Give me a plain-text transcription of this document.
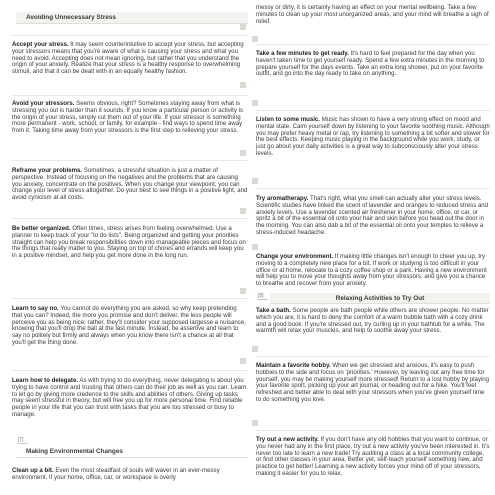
Avoiding Unnecessary Stress

Accept your stress. It may seem counterintuitive to accept your stress, but accepting your stressors means that you're aware of what is causing your stress and what you need to avoid. Accepting does not mean ignoring, but rather that you understand the origin of your anxiety. Realize that your stress is a healthy response to overwhelming stimuli, and that it can be dealt with in an equally healthy fashion.

Avoid your stressors. Seems obvious, right? Sometimes staying away from what is stressing you out is harder than it sounds. If you know a particular person or activity is the origin of your stress, simply cut them out of your life. If your stressor is something more permanent - work, school, or family, for example - find ways to spend time away from it. Taking time away from your stressors is the first step to relieving your stress.

Reframe your problems. Sometimes, a stressful situation is just a matter of perspective. Instead of focusing on the negatives and the problems that are causing you anxiety, concentrate on the positives. When you change your viewpoint, you can change your level of stress altogether. Do your best to see things in a positive light, and avoid cynicism at all costs.

Be better organized. Often times, stress arises from feeling overwhelmed. Use a planner to keep track of your "to do lists". Being organized and getting your priorities straight can help you break responsibilities down into manageable pieces and focus on the things that really matter to you. Staying on top of chores and errands will keep you in a positive mindset, and help you get more done in the long run.

Learn to say no. You cannot do everything you are asked, so why keep pretending that you can? Indeed, the more you promise and don't deliver, the less people will perceive you as being nice; rather, they'll consider your supposed largesse a nuisance, knowing that you'll drop the ball at the last minute. Instead, be assertive and learn to say no politely but firmly and always when you know there isn't a chance at all that you'll get the thing done.

Learn how to delegate. As with trying to do everything, never delegating is about you trying to have control and trusting that others can do their job as well as you can. Learn to let go by giving more credence to the skills and abilities of others. Giving up tasks may seem stressful in theory, but will free you up for more personal time. Find reliable people in your life that you can trust with tasks that you are too stressed or busy to manage.

[7]
Making Environmental Changes

Clean up a bit. Even the most steadfast of souls will waver in an ever-messy environment. If your home, office, car, or workspace is overly

messy or dirty, it is certainly having an effect on your mental wellbeing. Take a few minutes to clean up your most unorganized areas, and your mind will breathe a sigh of relief.

Take a few minutes to get ready. It's hard to feel prepared for the day when you haven't taken time to get yourself ready. Spend a few extra minutes in the morning to prepare yourself for the days events. Take an extra long shower, put on your favorite outfit, and go into the day ready to take on anything.

Listen to some music. Music has shown to have a very strong effect on mood and mental state. Calm yourself down by listening to your favorite soothing music. Although you may prefer heavy metal or rap, try listening to something a bit softer and slower for the best effects. Keeping music playing in the background while you work, study, or just go about your daily activities is a great way to subconsciously alter your stress levels.

Try aromatherapy. That's right, what you smell can actually alter your stress levels. Scientific studies have linked the scent of lavender and oranges to reduced stress and anxiety levels. Use a lavender scented air freshener in your home, office, or car, or spritz a bit of the essential oil onto your hair and skin before you head out the door in the morning. You can also dab a bit of the essential oil onto your temples to relieve a stress-induced headache.

Change your environment. If making little changes isn't enough to cheer you up, try moving to a completely new place for a bit. If work or studying is too difficult in your office or at home, relocate to a cozy coffee shop or a park. Having a new environment will help you to move your thoughts away from your stressors, and give you a chance to breathe and recover from your anxiety.

[8]	Relaxing Activities to Try Out

Take a bath. Some people are bath people while others are shower people. No matter which you are, it is hard to deny the comfort of a warm bubble bath with a cozy drink and a good book. If you're stressed out, try curling up in your bathtub for a while. The warmth will relax your muscles, and help to soothe away your stress.

Maintain a favorite hobby. When we get stressed and anxious, it's easy to push hobbies to the side and focus on 'priorities.' However, by leaving out any free time for yourself, you may be making yourself more stressed! Return to a lost hobby by playing your favorite sport, picking up your art journal, or heading out for a hike. You'll feel refreshed and better able to deal with your stressors when you've given yourself time to do something you love.

Try out a new activity. If you don't have any old hobbies that you want to continue, or you never had any in the first place, try out a new activity you've been interested in. It's never too late to learn a new trade! Try auditing a class at a local community college, or find other classes in your area. Better yet, self-teach yourself something new, and practice to get better! Learning a new activity forces your mind off of your stressors, making it easier for you to relax.
